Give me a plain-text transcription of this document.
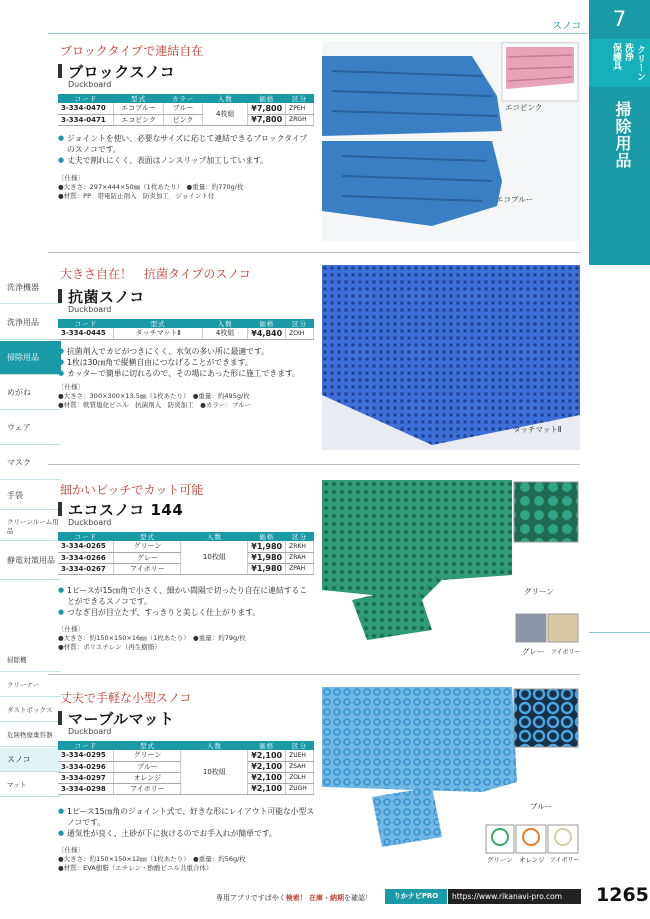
スノコ	7
クリーン
洗浄
保護具
掃除用品
洗浄機器
洗浄用品
掃除用品
めがね
ウェア
マスク
手袋
クリーンルーム用品
静電対策用品
掃除機
クリーナー
ダストボックス
危険物廃棄容器
スノコ
マット
ブロックタイプで連結自在
ブロックスノコ
Duckboard
コード	型式	カラー	入数	価格	区分
3-334-0470	エコブルー	ブルー	4枚組	¥7,800	ZPEH
3-334-0471	エコピンク	ピンク		¥7,800	ZRGH
● ジョイントを使い、必要なサイズに応じて連結できるブロックタイプのスノコです。
● 丈夫で割れにくく、表面はノンスリップ加工しています。
〔仕様〕
●大きさ：297×444×50㎜（1枚あたり）　●重量：約770g/枚
●材質：PP　帯電防止剤入　防炎加工　ジョイント付
エコピンク
エコブルー
大きさ自在！　抗菌タイプのスノコ
抗菌スノコ
Duckboard
コード	型式	入数	価格	区分
3-334-0445	タッチマットⅡ	4枚組	¥4,840	ZOIH
● 抗菌剤入でカビがつきにくく、水気の多い所に最適です。
● 1枚は30㎝角で縦横自由につなげることができます。
● カッターで簡単に切れるので、その場にあった形に施工できます。
〔仕様〕
●大きさ：300×300×13.5㎜（1枚あたり）　●重量：約495g/枚
●材質：軟質塩化ビニル　抗菌剤入　防炎加工　●カラー：ブルー
タッチマットⅡ
細かいピッチでカット可能
エコスノコ 144
Duckboard
コード	型式	入数	価格	区分
3-334-0265	グリーン	10枚組	¥1,980	ZRKH
3-334-0266	グレー		¥1,980	ZRAH
3-334-0267	アイボリー		¥1,980	ZPAH
● 1ピースが15㎝角で小さく、細かい間隔で切ったり自在に連結することができるスノコです。
● つなぎ目が目立たず、すっきりと美しく仕上がります。
〔仕様〕
●大きさ：約150×150×16㎜（1枚あたり）　●重量：約79g/枚
●材質：ポリエチレン（再生樹脂）
グリーン
グレー アイボリー
丈夫で手軽な小型スノコ
マーブルマット
Duckboard
コード	型式	入数	価格	区分
3-334-0295	グリーン	10枚組	¥2,100	ZUEH
3-334-0296	ブルー		¥2,100	ZSAH
3-334-0297	オレンジ		¥2,100	ZOLH
3-334-0298	アイボリー		¥2,100	ZUGH
● 1ピース15㎝角のジョイント式で、好きな形にレイアウト可能な小型スノコです。
● 通気性が良く、土砂が下に抜けるのでお手入れが簡単です。
〔仕様〕
●大きさ：約150×150×12㎜（1枚あたり）　●重量：約56g/枚
●材質：EVA樹脂（エチレン・酢酸ビニル共重合体）
ブルー
グリーン オレンジ アイボリー
専用アプリですばやく検索！ 在庫・納期を確認！	りかナビPRO	https://www.rikanavi-pro.com	1265
